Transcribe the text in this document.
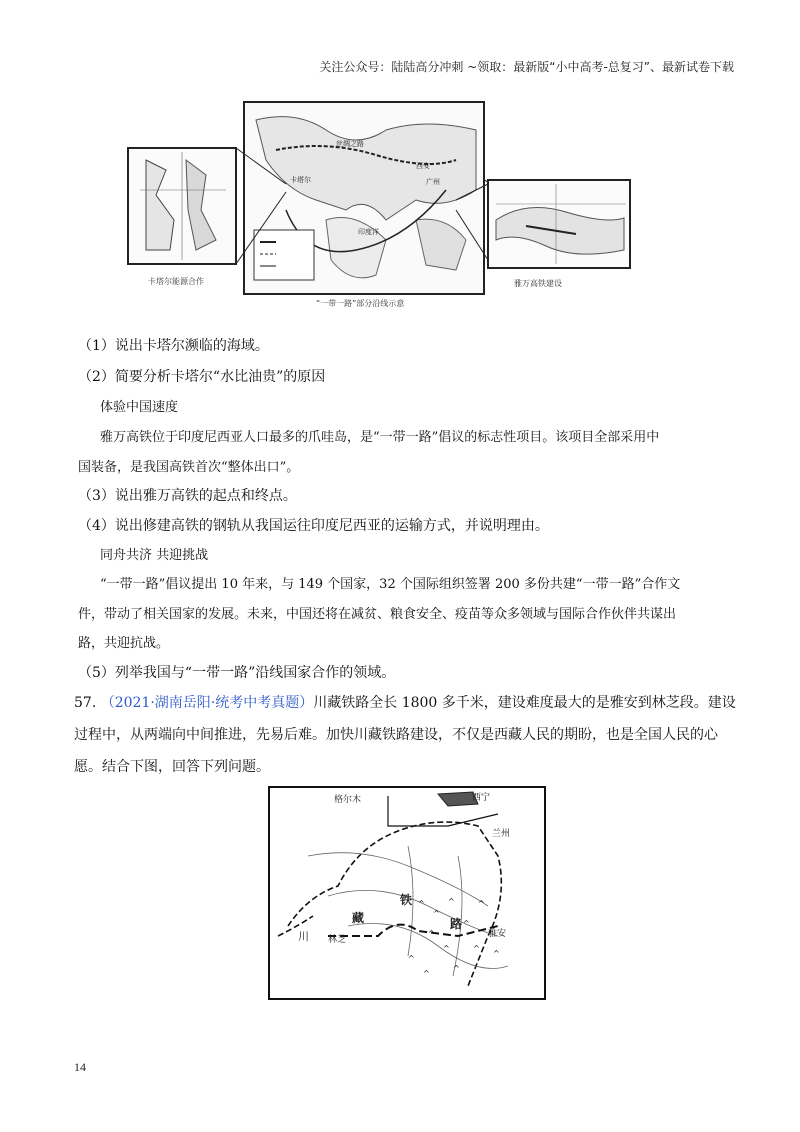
关注公众号：陆陆高分冲刺 ~领取：最新版“小中高考-总复习”、最新试卷下载
卡塔尔能源合作
丝绸之路
西安
广州
卡塔尔
印度洋
“一带一路”部分沿线示意
雅万高铁建设
（1）说出卡塔尔濒临的海域。
（2）简要分析卡塔尔“水比油贵”的原因
体验中国速度
雅万高铁位于印度尼西亚人口最多的爪哇岛，是“一带一路”倡议的标志性项目。该项目全部采用中
国装备，是我国高铁首次“整体出口”。
（3）说出雅万高铁的起点和终点。
（4）说出修建高铁的钢轨从我国运往印度尼西亚的运输方式，并说明理由。
同舟共济 共迎挑战
“一带一路”倡议提出 10 年来，与 149 个国家，32 个国际组织签署 200 多份共建“一带一路”合作文
件，带动了相关国家的发展。未来，中国还将在减贫、粮食安全、疫苗等众多领域与国际合作伙伴共谋出
路，共迎抗战。
（5）列举我国与“一带一路”沿线国家合作的领域。
57. （2021·湖南岳阳·统考中考真题）川藏铁路全长 1800 多千米，建设难度最大的是雅安到林芝段。建设
过程中，从两端向中间推进，先易后难。加快川藏铁路建设，不仅是西藏人民的期盼，也是全国人民的心
愿。结合下图，回答下列问题。
^
^
^
^
^
^
^
^
^
^
^
^
格尔木	西宁
兰州
川
藏
铁
路
林芝
雅安
14
